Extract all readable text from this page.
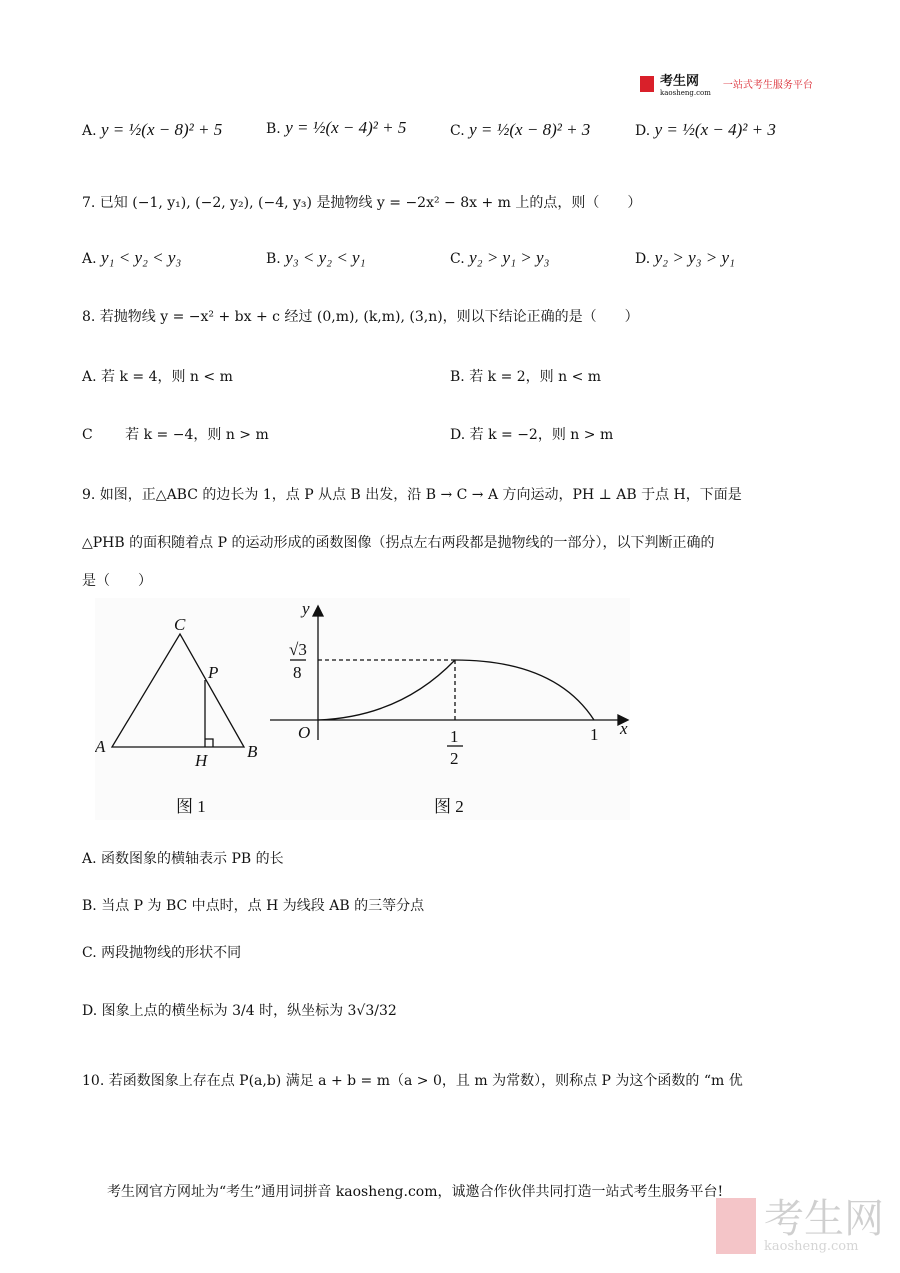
考生网
kaosheng.com
一站式考生服务平台
A. y = ½(x − 8)² + 5	B. y = ½(x − 4)² + 5	C. y = ½(x − 8)² + 3	D. y = ½(x − 4)² + 3
7. 已知 (−1, y₁), (−2, y₂), (−4, y₃) 是抛物线 y = −2x² − 8x + m 上的点，则（　　）
A. y₁ < y₂ < y₃	B. y₃ < y₂ < y₁	C. y₂ > y₁ > y₃	D. y₂ > y₃ > y₁
8. 若抛物线 y = −x² + bx + c 经过 (0,m), (k,m), (3,n)，则以下结论正确的是（　　）
A. 若 k = 4，则 n < m	B. 若 k = 2，则 n < m
C   若 k = −4，则 n > m	D. 若 k = −2，则 n > m
9. 如图，正△ABC 的边长为 1，点 P 从点 B 出发，沿 B → C → A 方向运动，PH ⊥ AB 于点 H，下面是
△PHB 的面积随着点 P 的运动形成的函数图像（拐点左右两段都是抛物线的一部分），以下判断正确的
是（　　）
A	B
C
P
H
y
x
O
√3
8
1
2
1
图 1	图 2
A. 函数图象的横轴表示 PB 的长
B. 当点 P 为 BC 中点时，点 H 为线段 AB 的三等分点
C. 两段抛物线的形状不同
D. 图象上点的横坐标为 3/4 时，纵坐标为 3√3/32
10. 若函数图象上存在点 P(a,b) 满足 a + b = m（a > 0，且 m 为常数），则称点 P 为这个函数的 “m 优
考生网官方网址为“考生”通用词拼音 kaosheng.com，诚邀合作伙伴共同打造一站式考生服务平台!
考生网
kaosheng.com
